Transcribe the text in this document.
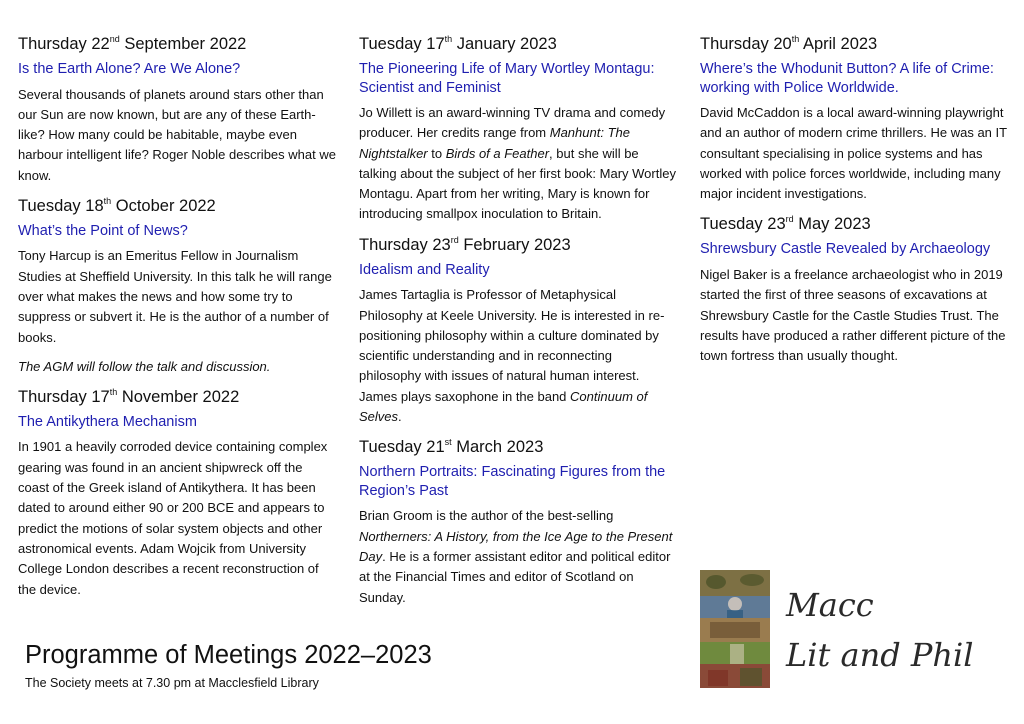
Thursday 22nd September 2022
Is the Earth Alone? Are We Alone?

Several thousands of planets around stars other than our Sun are now known, but are any of these Earth-like? How many could be habitable, maybe even harbour intelligent life? Roger Noble describes what we know.

Tuesday 18th October 2022
What’s the Point of News?

Tony Harcup is an Emeritus Fellow in Journalism Studies at Sheffield University. In this talk he will range over what makes the news and how some try to suppress or subvert it. He is the author of a number of books.

The AGM will follow the talk and discussion.

Thursday 17th November 2022
The Antikythera Mechanism

In 1901 a heavily corroded device containing complex gearing was found in an ancient shipwreck off the coast of the Greek island of Antikythera. It has been dated to around either 90 or 200 BCE and appears to predict the motions of solar system objects and other astronomical events. Adam Wojcik from University College London describes a recent reconstruction of the device.

Tuesday 17th January 2023
The Pioneering Life of Mary Wortley Montagu: Scientist and Feminist

Jo Willett is an award-winning TV drama and comedy producer. Her credits range from Manhunt: The Nightstalker to Birds of a Feather, but she will be talking about the subject of her first book: Mary Wortley Montagu. Apart from her writing, Mary is known for introducing smallpox inoculation to Britain.

Thursday 23rd February 2023
Idealism and Reality

James Tartaglia is Professor of Metaphysical Philosophy at Keele University. He is interested in re-positioning philosophy within a culture dominated by scientific understanding and in reconnecting philosophy with issues of natural human interest. James plays saxophone in the band Continuum of Selves.

Tuesday 21st March 2023
Northern Portraits: Fascinating Figures from the Region’s Past

Brian Groom is the author of the best-selling Northerners: A History, from the Ice Age to the Present Day. He is a former assistant editor and political editor at the Financial Times and editor of Scotland on Sunday.

Thursday 20th April 2023
Where’s the Whodunit Button? A life of Crime: working with Police Worldwide.

David McCaddon is a local award-winning playwright and an author of modern crime thrillers. He was an IT consultant specialising in police systems and has worked with police forces worldwide, including many major incident investigations.

Tuesday 23rd May 2023
Shrewsbury Castle Revealed by Archaeology

Nigel Baker is a freelance archaeologist who in 2019 started the first of three seasons of excavations at Shrewsbury Castle for the Castle Studies Trust. The results have produced a rather different picture of the town fortress than usually thought.

Programme of Meetings 2022–2023
The Society meets at 7.30 pm at Macclesfield Library
Macc
Lit and Phil
